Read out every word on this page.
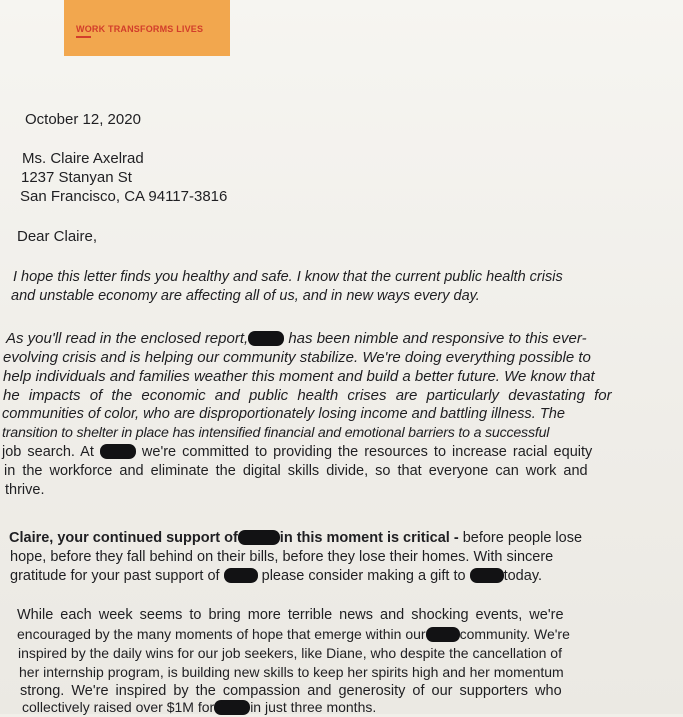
WORK TRANSFORMS LIVES
October 12, 2020
Ms. Claire Axelrad
1237 Stanyan St
San Francisco, CA 94117-3816
Dear Claire,
I hope this letter finds you healthy and safe. I know that the current public health crisis
and unstable economy are affecting all of us, and in new ways every day.
As you'll read in the enclosed report,	has been nimble and responsive to this ever-
evolving crisis and is helping our community stabilize. We're doing everything possible to
help individuals and families weather this moment and build a better future. We know that
he impacts of the economic and public health crises are particularly devastating for
communities of color, who are disproportionately losing income and battling illness. The
transition to shelter in place has intensified financial and emotional barriers to a successful
job search. At	we're committed to providing the resources to increase racial equity
in the workforce and eliminate the digital skills divide, so that everyone can work and
thrive.
Claire, your continued support of	in this moment is critical - before people lose
hope, before they fall behind on their bills, before they lose their homes. With sincere
gratitude for your past support of	please consider making a gift to	today.
While each week seems to bring more terrible news and shocking events, we're
encouraged by the many moments of hope that emerge within our community. We're
inspired by the daily wins for our job seekers, like Diane, who despite the cancellation of
her internship program, is building new skills to keep her spirits high and her momentum
strong. We're inspired by the compassion and generosity of our supporters who
collectively raised over $1M for	in just three months.
